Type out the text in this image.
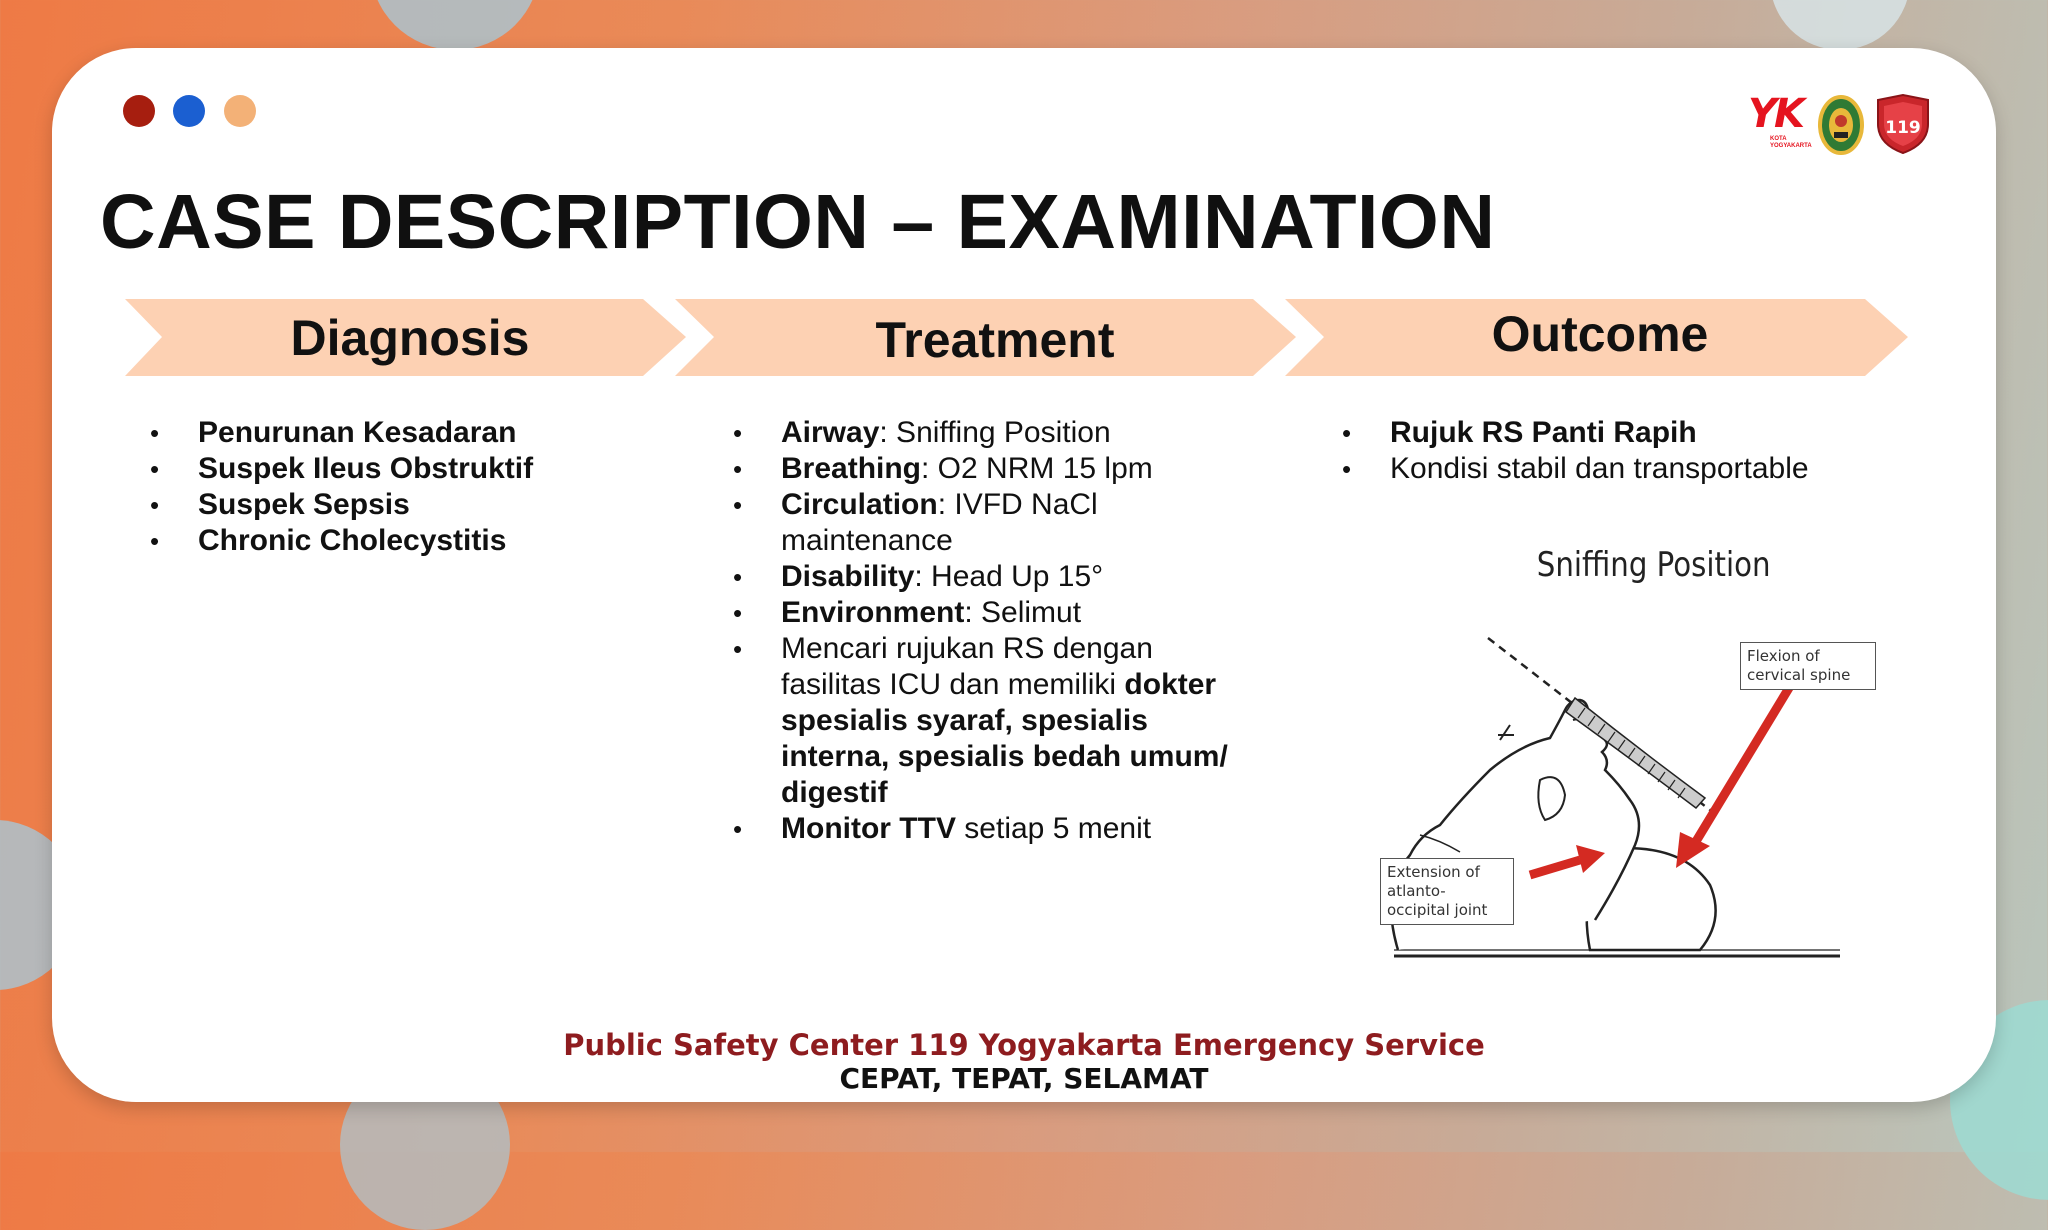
YK
KOTA YOGYAKARTA
119
CASE DESCRIPTION – EXAMINATION
Diagnosis	Treatment	Outcome
• Penurunan Kesadaran
• Suspek Ileus Obstruktif
• Suspek Sepsis
• Chronic Cholecystitis
• Airway: Sniffing Position
• Breathing: O2 NRM 15 lpm
• Circulation: IVFD NaCl maintenance
• Disability: Head Up 15°
• Environment: Selimut
• Mencari rujukan RS dengan fasilitas ICU dan memiliki dokter spesialis syaraf, spesialis interna, spesialis bedah umum/ digestif
• Monitor TTV setiap 5 menit
• Rujuk RS Panti Rapih
• Kondisi stabil dan transportable
Sniffing Position
Flexion of cervical spine
Extension of atlanto-occipital joint
Public Safety Center 119 Yogyakarta Emergency Service
CEPAT, TEPAT, SELAMAT
